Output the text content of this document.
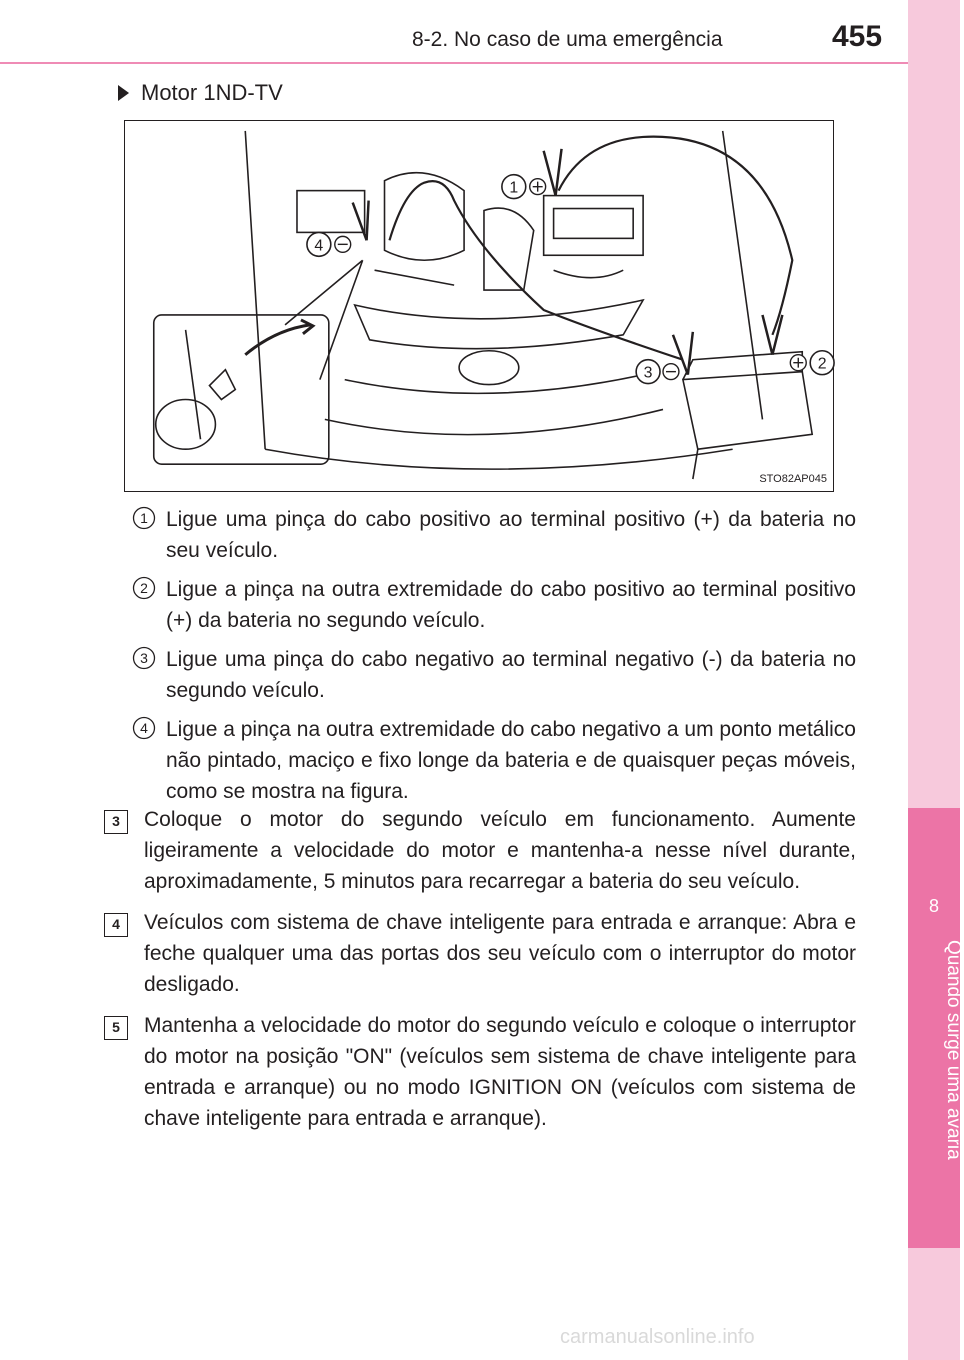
8-2. No caso de uma emergência	455
8
Quando surge uma avaria
Motor 1ND-TV
1
2
3
4
STO82AP045
1 Ligue uma pinça do cabo positivo ao terminal positivo (+) da bateria no seu veículo.
2 Ligue a pinça na outra extremidade do cabo positivo ao terminal positivo (+) da bateria no segundo veículo.
3 Ligue uma pinça do cabo negativo ao terminal negativo (-) da bateria no segundo veículo.
4 Ligue a pinça na outra extremidade do cabo negativo a um ponto metálico não pintado, maciço e fixo longe da bateria e de quaisquer peças móveis, como se mostra na figura.
3	Coloque o motor do segundo veículo em funcionamento. Aumente ligeiramente a velocidade do motor e mantenha-a nesse nível durante, aproximadamente, 5 minutos para recarregar a bateria do seu veículo.
4	Veículos com sistema de chave inteligente para entrada e arranque: Abra e feche qualquer uma das portas dos seu veículo com o interruptor do motor desligado.
5	Mantenha a velocidade do motor do segundo veículo e coloque o interruptor do motor na posição "ON" (veículos sem sistema de chave inteligente para entrada e arranque) ou no modo IGNITION ON (veículos com sistema de chave inteligente para entrada e arranque).
carmanualsonline.info
